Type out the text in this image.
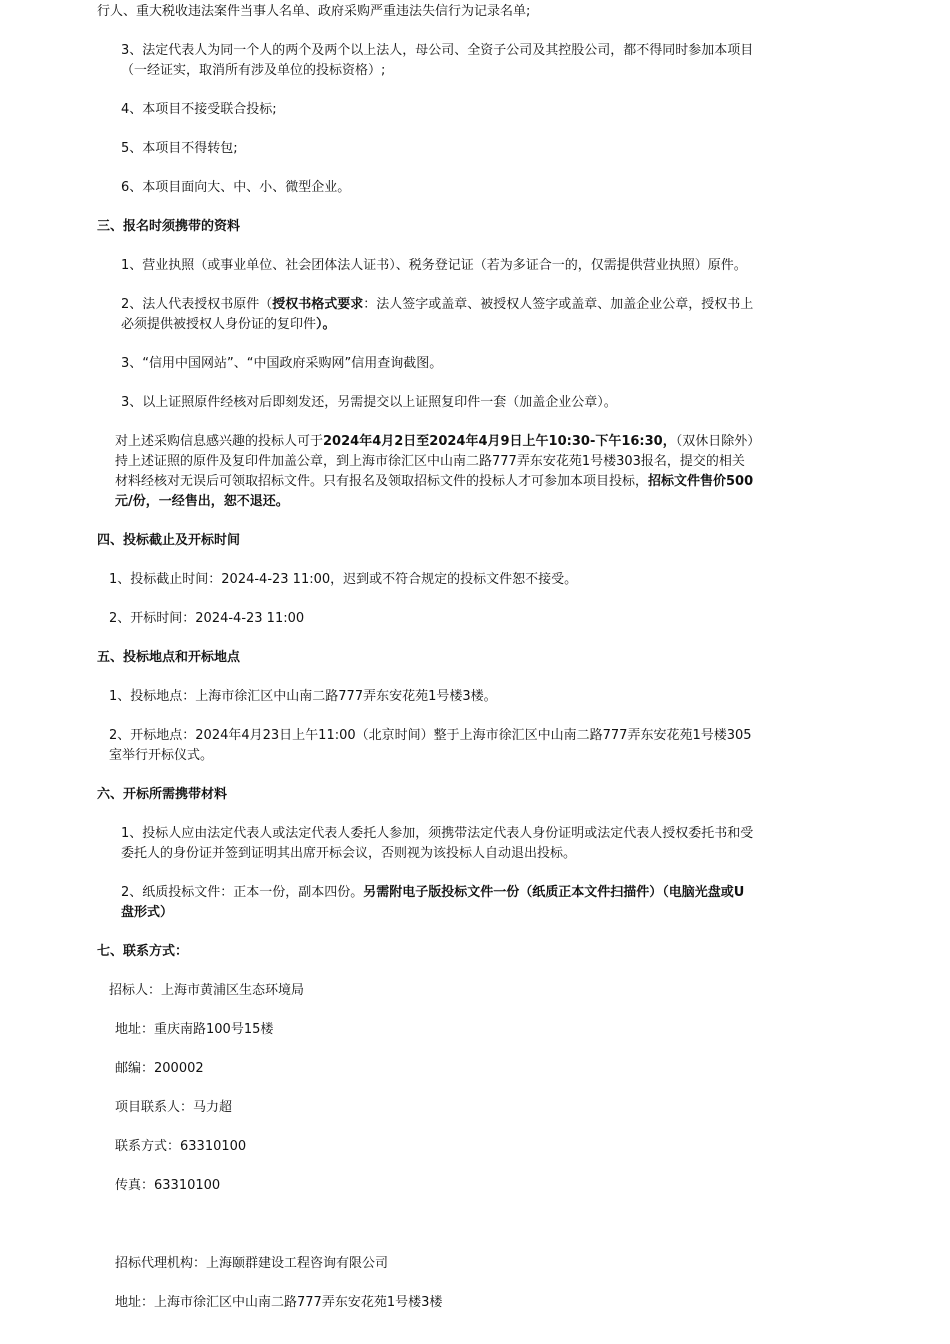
行人、重大税收违法案件当事人名单、政府采购严重违法失信行为记录名单;

3、法定代表人为同一个人的两个及两个以上法人，母公司、全资子公司及其控股公司，都不得同时参加本项目（一经证实，取消所有涉及单位的投标资格）;

4、本项目不接受联合投标;

5、本项目不得转包;

6、本项目面向大、中、小、微型企业。

三、报名时须携带的资料

1、营业执照（或事业单位、社会团体法人证书）、税务登记证（若为多证合一的，仅需提供营业执照）原件。

2、法人代表授权书原件（授权书格式要求：法人签字或盖章、被授权人签字或盖章、加盖企业公章，授权书上必须提供被授权人身份证的复印件）。

3、“信用中国网站”、“中国政府采购网”信用查询截图。

3、以上证照原件经核对后即刻发还，另需提交以上证照复印件一套（加盖企业公章）。

对上述采购信息感兴趣的投标人可于2024年4月2日至2024年4月9日上午10:30-下午16:30，（双休日除外）持上述证照的原件及复印件加盖公章，到上海市徐汇区中山南二路777弄东安花苑1号楼303报名，提交的相关材料经核对无误后可领取招标文件。只有报名及领取招标文件的投标人才可参加本项目投标，招标文件售价500元/份，一经售出，恕不退还。

四、投标截止及开标时间

1、投标截止时间：2024-4-23 11:00，迟到或不符合规定的投标文件恕不接受。

2、开标时间：2024-4-23 11:00

五、投标地点和开标地点

1、投标地点：上海市徐汇区中山南二路777弄东安花苑1号楼3楼。

2、开标地点：2024年4月23日上午11:00（北京时间）整于上海市徐汇区中山南二路777弄东安花苑1号楼305室举行开标仪式。

六、开标所需携带材料

1、投标人应由法定代表人或法定代表人委托人参加，须携带法定代表人身份证明或法定代表人授权委托书和受委托人的身份证并签到证明其出席开标会议，否则视为该投标人自动退出投标。

2、纸质投标文件：正本一份，副本四份。另需附电子版投标文件一份（纸质正本文件扫描件）（电脑光盘或U盘形式）

七、联系方式：

招标人：上海市黄浦区生态环境局

地址：重庆南路100号15楼

邮编：200002

项目联系人：马力超

联系方式：63310100

传真：63310100

招标代理机构：上海颐群建设工程咨询有限公司

地址：上海市徐汇区中山南二路777弄东安花苑1号楼3楼
